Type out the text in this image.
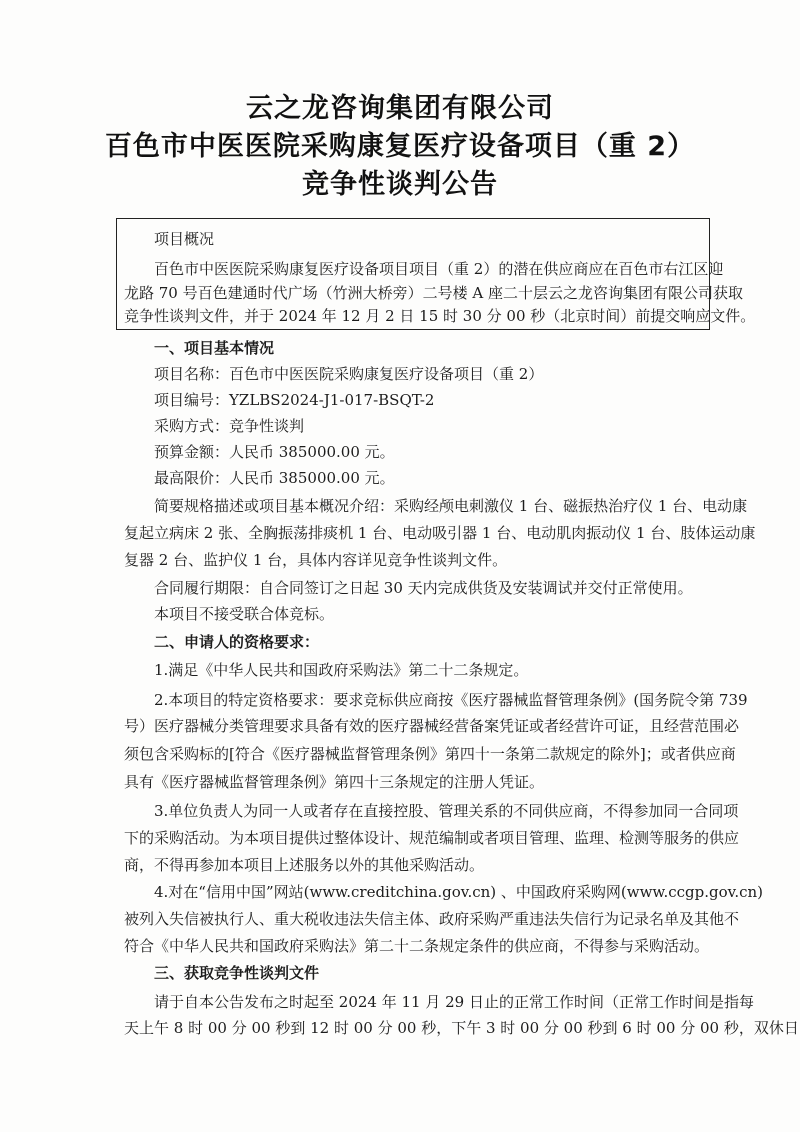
云之龙咨询集团有限公司
百色市中医医院采购康复医疗设备项目（重 2）
竞争性谈判公告
项目概况
百色市中医医院采购康复医疗设备项目项目（重 2）的潜在供应商应在百色市右江区迎
龙路 70 号百色建通时代广场（竹洲大桥旁）二号楼 A 座二十层云之龙咨询集团有限公司获取
竞争性谈判文件，并于 2024 年 12 月 2 日 15 时 30 分 00 秒（北京时间）前提交响应文件。
一、项目基本情况
项目名称：百色市中医医院采购康复医疗设备项目（重 2）
项目编号：YZLBS2024-J1-017-BSQT-2
采购方式：竞争性谈判
预算金额：人民币 385000.00 元。
最高限价：人民币 385000.00 元。
简要规格描述或项目基本概况介绍：采购经颅电刺激仪 1 台、磁振热治疗仪 1 台、电动康
复起立病床 2 张、全胸振荡排痰机 1 台、电动吸引器 1 台、电动肌肉振动仪 1 台、肢体运动康
复器 2 台、监护仪 1 台，具体内容详见竞争性谈判文件。
合同履行期限：自合同签订之日起 30 天内完成供货及安装调试并交付正常使用。
本项目不接受联合体竞标。
二、申请人的资格要求：
1.满足《中华人民共和国政府采购法》第二十二条规定。
2.本项目的特定资格要求：要求竞标供应商按《医疗器械监督管理条例》(国务院令第 739
号）医疗器械分类管理要求具备有效的医疗器械经营备案凭证或者经营许可证，且经营范围必
须包含采购标的[符合《医疗器械监督管理条例》第四十一条第二款规定的除外]；或者供应商
具有《医疗器械监督管理条例》第四十三条规定的注册人凭证。
3.单位负责人为同一人或者存在直接控股、管理关系的不同供应商，不得参加同一合同项
下的采购活动。为本项目提供过整体设计、规范编制或者项目管理、监理、检测等服务的供应
商，不得再参加本项目上述服务以外的其他采购活动。
4.对在“信用中国”网站(www.creditchina.gov.cn) 、中国政府采购网(www.ccgp.gov.cn)
被列入失信被执行人、重大税收违法失信主体、政府采购严重违法失信行为记录名单及其他不
符合《中华人民共和国政府采购法》第二十二条规定条件的供应商，不得参与采购活动。
三、获取竞争性谈判文件
请于自本公告发布之时起至 2024 年 11 月 29 日止的正常工作时间（正常工作时间是指每
天上午 8 时 00 分 00 秒到 12 时 00 分 00 秒，下午 3 时 00 分 00 秒到 6 时 00 分 00 秒，双休日
